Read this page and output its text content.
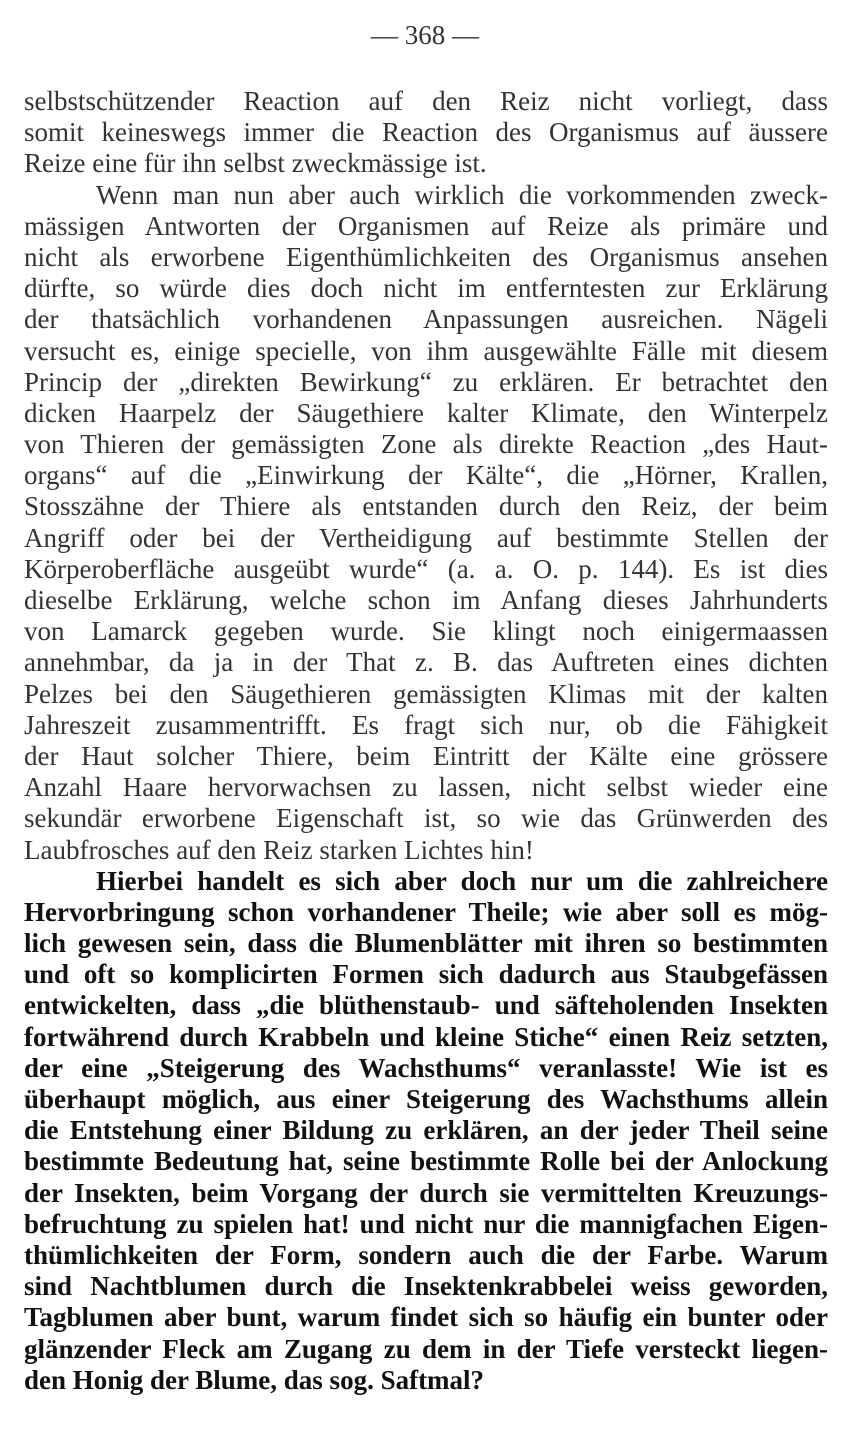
— 368 —
selbstschützender Reaction auf den Reiz nicht vorliegt, dass
somit keineswegs immer die Reaction des Organismus auf äussere
Reize eine für ihn selbst zweckmässige ist.
Wenn man nun aber auch wirklich die vorkommenden zweck-
mässigen Antworten der Organismen auf Reize als primäre und
nicht als erworbene Eigenthümlichkeiten des Organismus ansehen
dürfte, so würde dies doch nicht im entferntesten zur Erklärung
der thatsächlich vorhandenen Anpassungen ausreichen. Nägeli
versucht es, einige specielle, von ihm ausgewählte Fälle mit diesem
Princip der „direkten Bewirkung“ zu erklären. Er betrachtet den
dicken Haarpelz der Säugethiere kalter Klimate, den Winterpelz
von Thieren der gemässigten Zone als direkte Reaction „des Haut-
organs“ auf die „Einwirkung der Kälte“, die „Hörner, Krallen,
Stosszähne der Thiere als entstanden durch den Reiz, der beim
Angriff oder bei der Vertheidigung auf bestimmte Stellen der
Körperoberfläche ausgeübt wurde“ (a. a. O. p. 144). Es ist dies
dieselbe Erklärung, welche schon im Anfang dieses Jahrhunderts
von Lamarck gegeben wurde. Sie klingt noch einigermaassen
annehmbar, da ja in der That z. B. das Auftreten eines dichten
Pelzes bei den Säugethieren gemässigten Klimas mit der kalten
Jahreszeit zusammentrifft. Es fragt sich nur, ob die Fähigkeit
der Haut solcher Thiere, beim Eintritt der Kälte eine grössere
Anzahl Haare hervorwachsen zu lassen, nicht selbst wieder eine
sekundär erworbene Eigenschaft ist, so wie das Grünwerden des
Laubfrosches auf den Reiz starken Lichtes hin!
Hierbei handelt es sich aber doch nur um die zahlreichere
Hervorbringung schon vorhandener Theile; wie aber soll es mög-
lich gewesen sein, dass die Blumenblätter mit ihren so bestimmten
und oft so komplicirten Formen sich dadurch aus Staubgefässen
entwickelten, dass „die blüthenstaub- und säfteholenden Insekten
fortwährend durch Krabbeln und kleine Stiche“ einen Reiz setzten,
der eine „Steigerung des Wachsthums“ veranlasste! Wie ist es
überhaupt möglich, aus einer Steigerung des Wachsthums allein
die Entstehung einer Bildung zu erklären, an der jeder Theil seine
bestimmte Bedeutung hat, seine bestimmte Rolle bei der Anlockung
der Insekten, beim Vorgang der durch sie vermittelten Kreuzungs-
befruchtung zu spielen hat! und nicht nur die mannigfachen Eigen-
thümlichkeiten der Form, sondern auch die der Farbe. Warum
sind Nachtblumen durch die Insektenkrabbelei weiss geworden,
Tagblumen aber bunt, warum findet sich so häufig ein bunter oder
glänzender Fleck am Zugang zu dem in der Tiefe versteckt liegen-
den Honig der Blume, das sog. Saftmal?
